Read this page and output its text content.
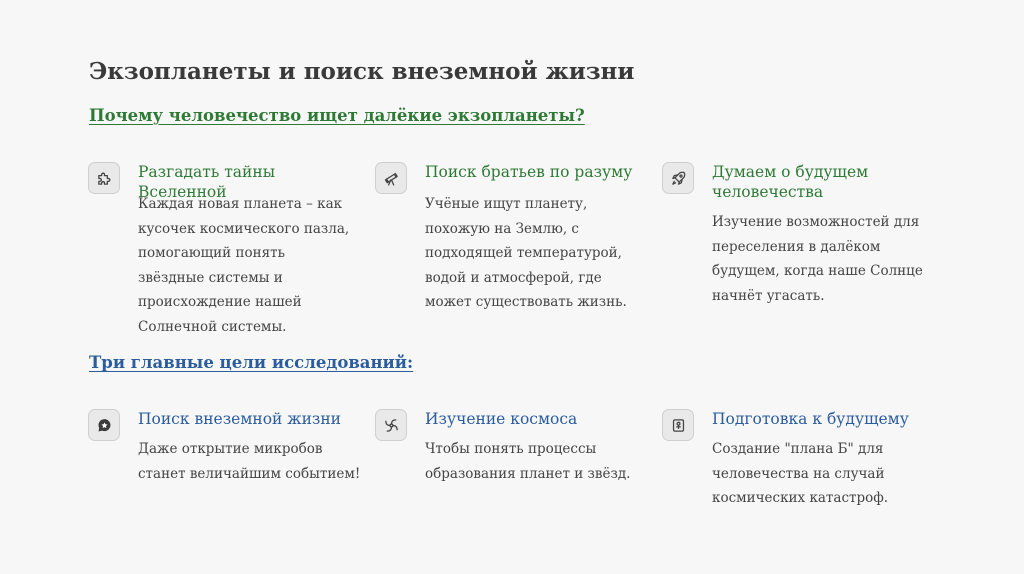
Экзопланеты и поиск внеземной жизни
Почему человечество ищет далёкие экзопланеты?
Разгадать тайны Вселенной
Каждая новая планета – как кусочек космического пазла, помогающий понять звёздные системы и происхождение нашей Солнечной системы.
Поиск братьев по разуму
Учёные ищут планету, похожую на Землю, с подходящей температурой, водой и атмосферой, где может существовать жизнь.
Думаем о будущем человечества
Изучение возможностей для переселения в далёком будущем, когда наше Солнце начнёт угасать.
Три главные цели исследований:
Поиск внеземной жизни
Даже открытие микробов станет величайшим событием!
Изучение космоса
Чтобы понять процессы образования планет и звёзд.
Подготовка к будущему
Создание "плана Б" для человечества на случай космических катастроф.
